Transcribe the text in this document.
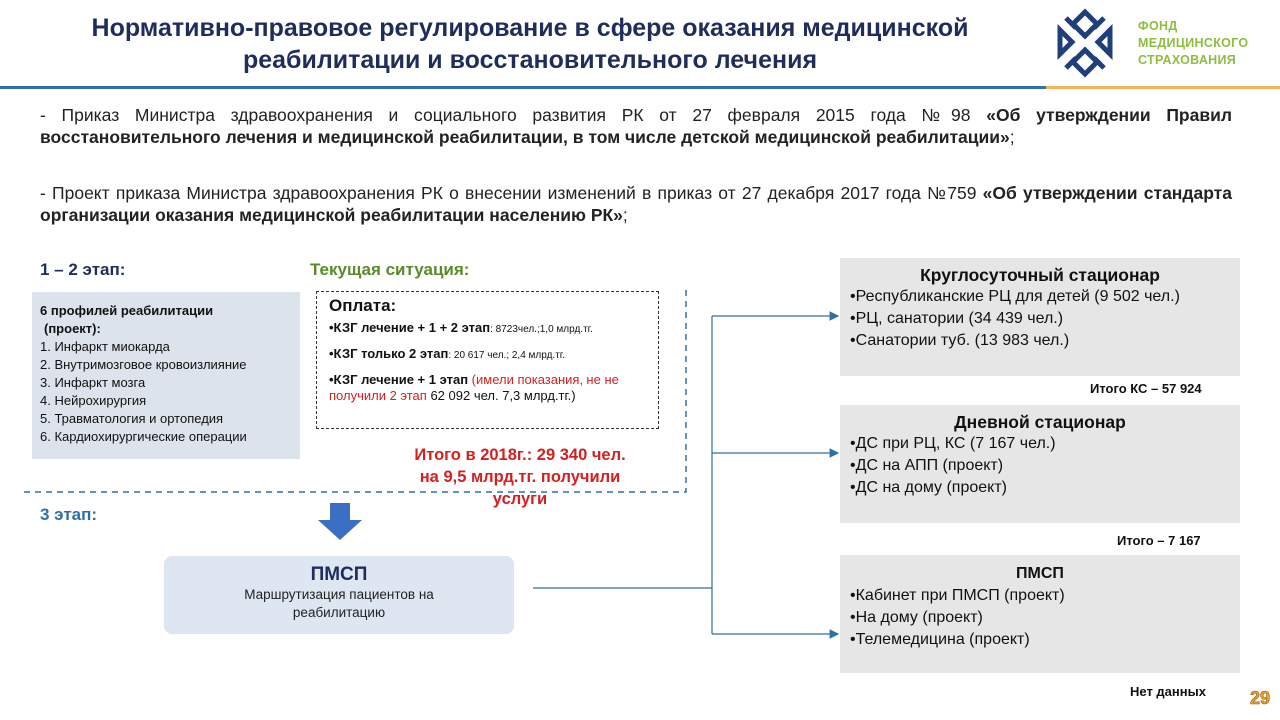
Нормативно-правовое регулирование в сфере оказания медицинской
реабилитации и восстановительного лечения
ФОНД
МЕДИЦИНСКОГО
СТРАХОВАНИЯ
- Приказ Министра здравоохранения и социального развития РК от 27 февраля 2015 года №98 «Об утверждении Правил восстановительного лечения и медицинской реабилитации, в том числе детской медицинской реабилитации»;
- Проект приказа Министра здравоохранения РК о внесении изменений в приказ от 27 декабря 2017 года №759 «Об утверждении стандарта организации оказания медицинской реабилитации населению РК»;
1 – 2 этап:	Текущая ситуация:
3 этап:
6 профилей реабилитации
(проект):
1. Инфаркт миокарда
2. Внутримозговое кровоизлияние
3. Инфаркт мозга
4. Нейрохирургия
5. Травматология и ортопедия
6. Кардиохирургические операции
Оплата:
•КЗГ лечение + 1 + 2 этап: 8723чел.;1,0 млрд.тг.
•КЗГ только 2 этап: 20 617 чел.; 2,4 млрд.тг.
•КЗГ лечение + 1 этап (имели показания, не не получили 2 этап 62 092 чел. 7,3 млрд.тг.)
Итого в 2018г.: 29 340 чел.
на 9,5 млрд.тг. получили
услуги
ПМСП
Маршрутизация пациентов на
реабилитацию
Круглосуточный стационар
•Республиканские РЦ для детей (9 502 чел.)
•РЦ, санатории (34 439 чел.)
•Санатории туб. (13 983 чел.)
Итого КС – 57 924
Дневной стационар
•ДС при РЦ, КС (7 167 чел.)
•ДС на АПП (проект)
•ДС на дому (проект)
Итого – 7 167
ПМСП
•Кабинет при ПМСП (проект)
•На дому (проект)
•Телемедицина (проект)
Нет данных 29
